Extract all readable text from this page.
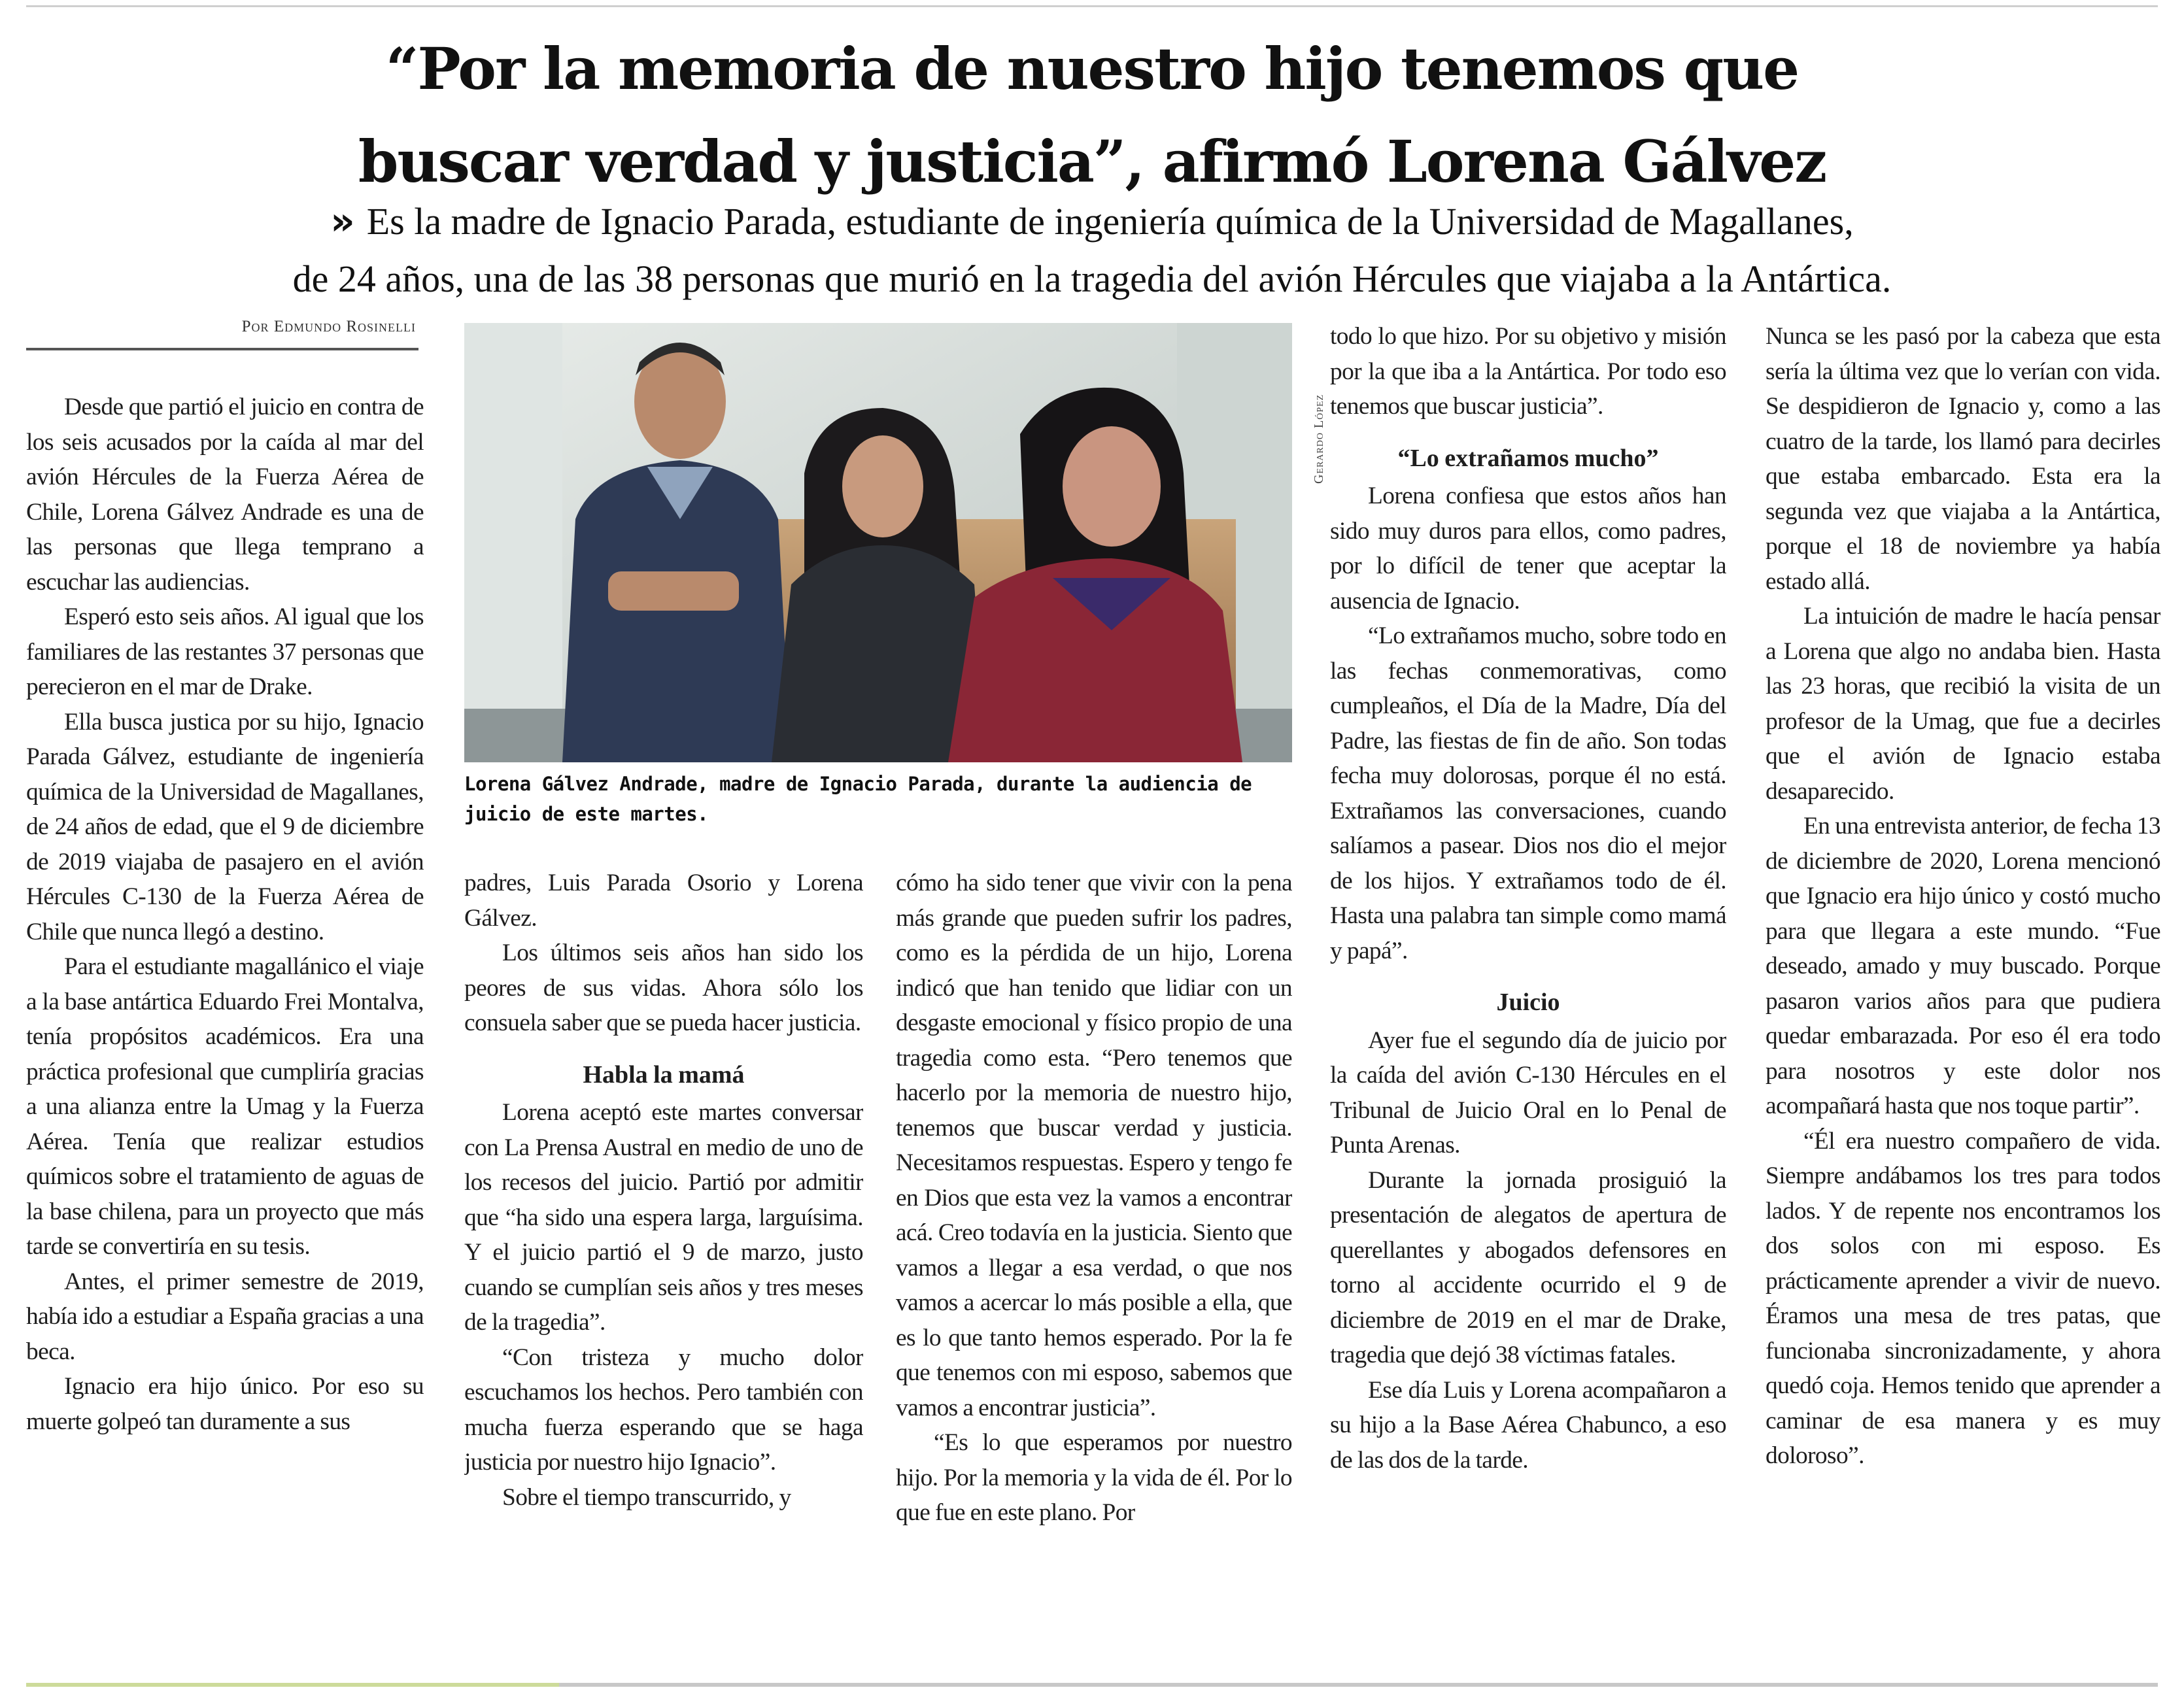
“Por la memoria de nuestro hijo tenemos que
buscar verdad y justicia”, afirmó Lorena Gálvez
» Es la madre de Ignacio Parada, estudiante de ingeniería química de la Universidad de Magallanes,
de 24 años, una de las 38 personas que murió en la tragedia del avión Hércules que viajaba a la Antártica.
Por Edmundo Rosinelli

Desde que partió el juicio en contra de los seis acusados por la caída al mar del avión Hércules de la Fuerza Aérea de Chile, Lorena Gálvez Andrade es una de las personas que llega temprano a escuchar las audiencias.

Esperó esto seis años. Al igual que los familiares de las restantes 37 personas que perecieron en el mar de Drake.

Ella busca justica por su hijo, Ignacio Parada Gálvez, estudiante de ingeniería química de la Universidad de Magallanes, de 24 años de edad, que el 9 de diciembre de 2019 viajaba de pasajero en el avión Hércules C-130 de la Fuerza Aérea de Chile que nunca llegó a destino.

Para el estudiante magallánico el viaje a la base antártica Eduardo Frei Montalva, tenía propósitos académicos. Era una práctica profesional que cumpliría gracias a una alianza entre la Umag y la Fuerza Aérea. Tenía que realizar estudios químicos sobre el tratamiento de aguas de la base chilena, para un proyecto que más tarde se convertiría en su tesis.

Antes, el primer semestre de 2019, había ido a estudiar a España gracias a una beca.

Ignacio era hijo único. Por eso su muerte golpeó tan duramente a sus

Gerardo López
Lorena Gálvez Andrade, madre de Ignacio Parada, durante la audiencia de juicio de este martes.

padres, Luis Parada Osorio y Lorena Gálvez.

Los últimos seis años han sido los peores de sus vidas. Ahora sólo los consuela saber que se pueda hacer justicia.

Habla la mamá

Lorena aceptó este martes conversar con La Prensa Austral en medio de uno de los recesos del juicio. Partió por admitir que “ha sido una espera larga, larguísima. Y el juicio partió el 9 de marzo, justo cuando se cumplían seis años y tres meses de la tragedia”.

“Con tristeza y mucho dolor escuchamos los hechos. Pero también con mucha fuerza esperando que se haga justicia por nuestro hijo Ignacio”.

Sobre el tiempo transcurrido, y

cómo ha sido tener que vivir con la pena más grande que pueden sufrir los padres, como es la pérdida de un hijo, Lorena indicó que han tenido que lidiar con un desgaste emocional y físico propio de una tragedia como esta. “Pero tenemos que hacerlo por la memoria de nuestro hijo, tenemos que buscar verdad y justicia. Necesitamos respuestas. Espero y tengo fe en Dios que esta vez la vamos a encontrar acá. Creo todavía en la justicia. Siento que vamos a llegar a esa verdad, o que nos vamos a acercar lo más posible a ella, que es lo que tanto hemos esperado. Por la fe que tenemos con mi esposo, sabemos que vamos a encontrar justicia”.

“Es lo que esperamos por nuestro hijo. Por la memoria y la vida de él. Por lo que fue en este plano. Por

todo lo que hizo. Por su objetivo y misión por la que iba a la Antártica. Por todo eso tenemos que buscar justicia”.

“Lo extrañamos mucho”

Lorena confiesa que estos años han sido muy duros para ellos, como padres, por lo difícil de tener que aceptar la ausencia de Ignacio.

“Lo extrañamos mucho, sobre todo en las fechas conmemorativas, como cumpleaños, el Día de la Madre, Día del Padre, las fiestas de fin de año. Son todas fecha muy dolorosas, porque él no está. Extrañamos las conversaciones, cuando salíamos a pasear. Dios nos dio el mejor de los hijos. Y extrañamos todo de él. Hasta una palabra tan simple como mamá y papá”.

Juicio

Ayer fue el segundo día de juicio por la caída del avión C-130 Hércules en el Tribunal de Juicio Oral en lo Penal de Punta Arenas.

Durante la jornada prosiguió la presentación de alegatos de apertura de querellantes y abogados defensores en torno al accidente ocurrido el 9 de diciembre de 2019 en el mar de Drake, tragedia que dejó 38 víctimas fatales.

Ese día Luis y Lorena acompañaron a su hijo a la Base Aérea Chabunco, a eso de las dos de la tarde.

Nunca se les pasó por la cabeza que esta sería la última vez que lo verían con vida. Se despidieron de Ignacio y, como a las cuatro de la tarde, los llamó para decirles que estaba embarcado. Esta era la segunda vez que viajaba a la Antártica, porque el 18 de noviembre ya había estado allá.

La intuición de madre le hacía pensar a Lorena que algo no andaba bien. Hasta las 23 horas, que recibió la visita de un profesor de la Umag, que fue a decirles que el avión de Ignacio estaba desaparecido.

En una entrevista anterior, de fecha 13 de diciembre de 2020, Lorena mencionó que Ignacio era hijo único y costó mucho para que llegara a este mundo. “Fue deseado, amado y muy buscado. Porque pasaron varios años para que pudiera quedar embarazada. Por eso él era todo para nosotros y este dolor nos acompañará hasta que nos toque partir”.

“Él era nuestro compañero de vida. Siempre andábamos los tres para todos lados. Y de repente nos encontramos los dos solos con mi esposo. Es prácticamente aprender a vivir de nuevo. Éramos una mesa de tres patas, que funcionaba sincronizadamente, y ahora quedó coja. Hemos tenido que aprender a caminar de esa manera y es muy doloroso”.
